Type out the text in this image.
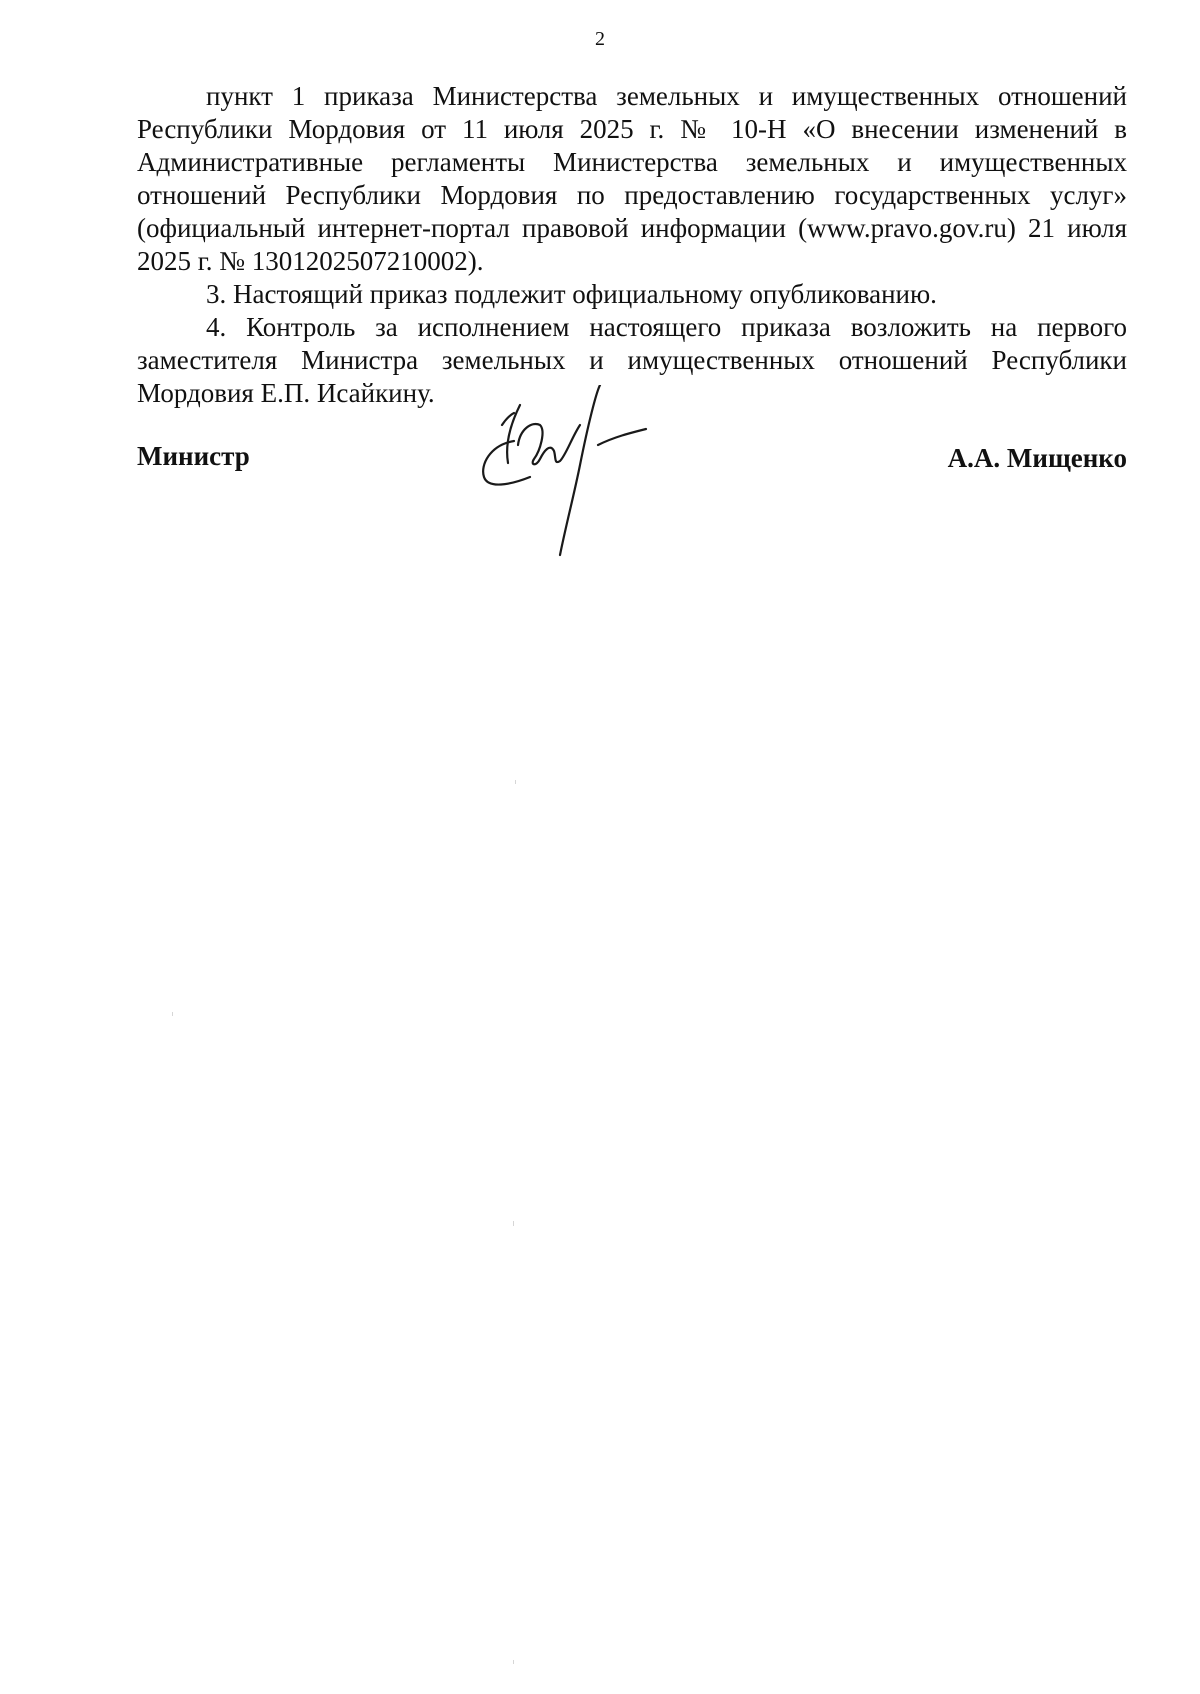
2

пункт 1 приказа Министерства земельных и имущественных отношений Республики Мордовия от 11 июля 2025 г. № 10-Н «О внесении изменений в Административные регламенты Министерства земельных и имущественных отношений Республики Мордовия по предоставлению государственных услуг» (официальный интернет-портал правовой информации (www.pravo.gov.ru) 21 июля 2025 г. № 1301202507210002).

3. Настоящий приказ подлежит официальному опубликованию.

4. Контроль за исполнением настоящего приказа возложить на первого заместителя Министра земельных и имущественных отношений Республики Мордовия Е.П. Исайкину.

Министр	А.А. Мищенко
